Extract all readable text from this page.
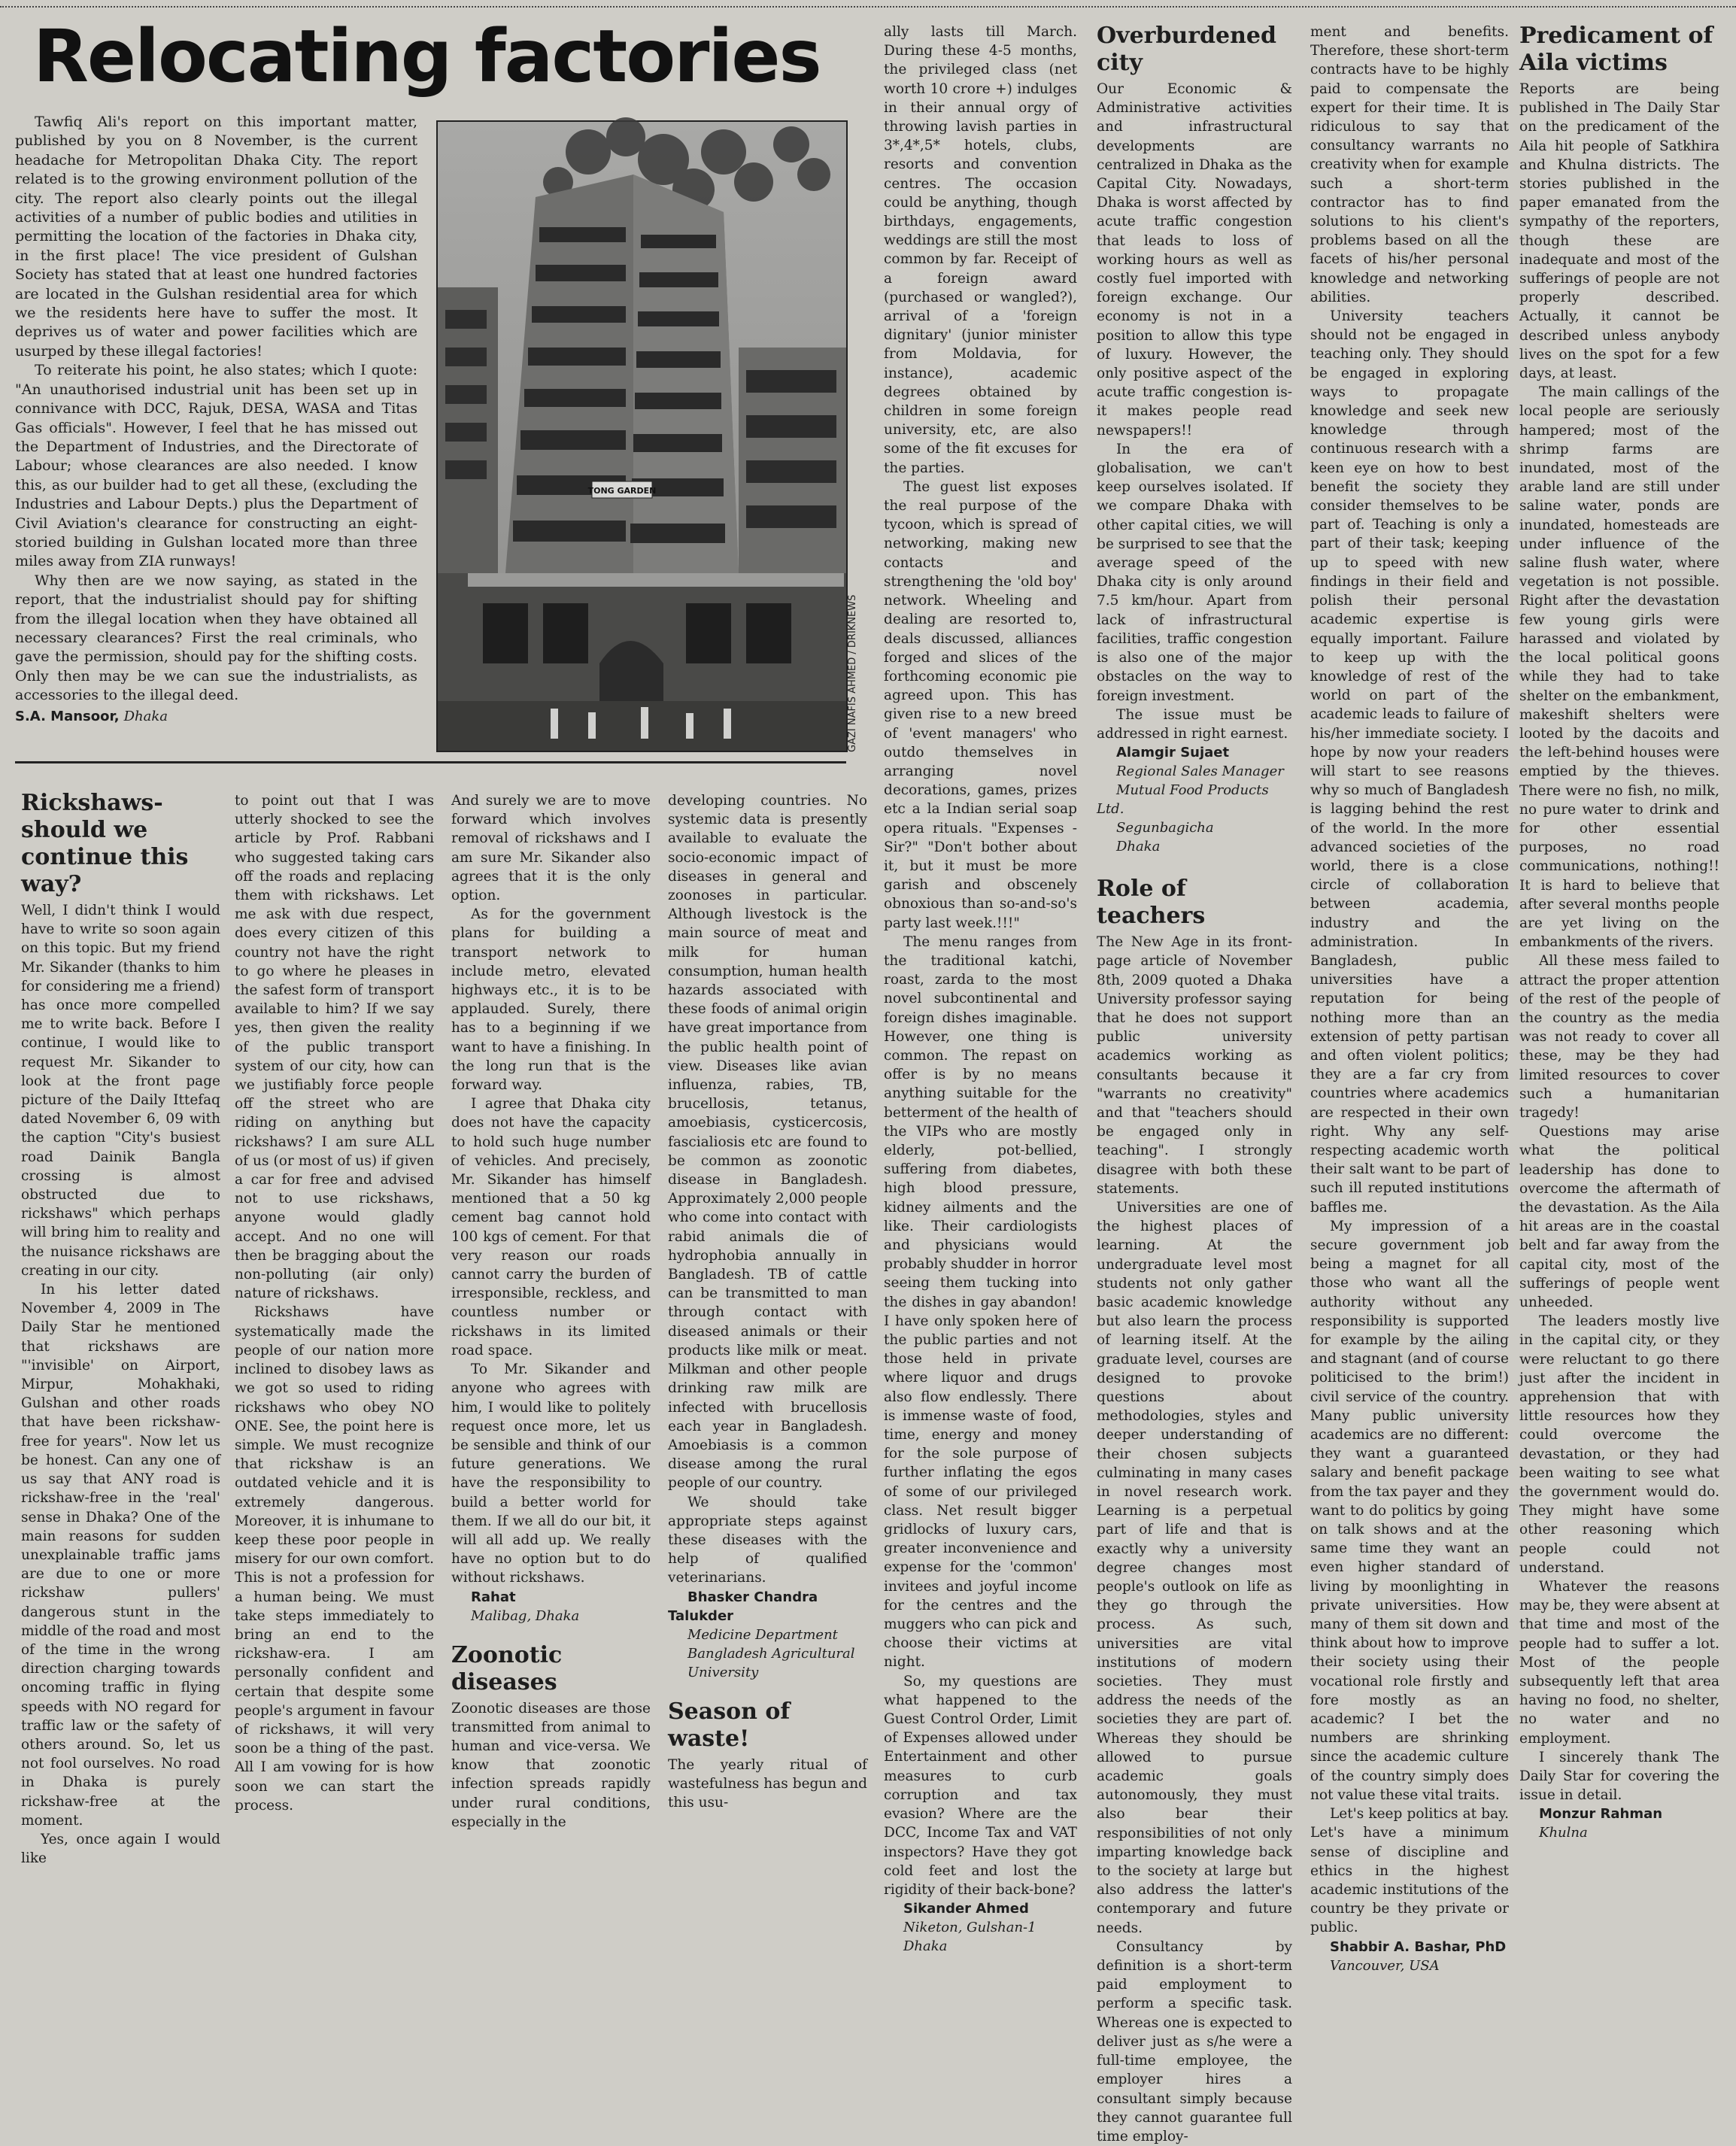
Relocating factories

Tawfiq Ali's report on this important matter, published by you on 8 November, is the current headache for Metropolitan Dhaka City. The report related is to the growing environment pollution of the city. The report also clearly points out the illegal activities of a number of public bodies and utilities in permitting the location of the factories in Dhaka city, in the first place! The vice president of Gulshan Society has stated that at least one hundred factories are located in the Gulshan residential area for which we the residents here have to suffer the most. It deprives us of water and power facilities which are usurped by these illegal factories!

To reiterate his point, he also states; which I quote: "An unauthorised industrial unit has been set up in connivance with DCC, Rajuk, DESA, WASA and Titas Gas officials". However, I feel that he has missed out the Department of Industries, and the Directorate of Labour; whose clearances are also needed. I know this, as our builder had to get all these, (excluding the Industries and Labour Depts.) plus the Department of Civil Aviation's clearance for constructing an eight-storied building in Gulshan located more than three miles away from ZIA runways!

Why then are we now saying, as stated in the report, that the industrialist should pay for shifting from the illegal location when they have obtained all necessary clearances? First the real criminals, who gave the permission, should pay for the shifting costs. Only then may be we can sue the industrialists, as accessories to the illegal deed.

S.A. Mansoor, Dhaka

TONG GARDEN
GAZI NAFIS AHMED / DRIKNEWS
Rickshaws- should we continue this way?

Well, I didn't think I would have to write so soon again on this topic. But my friend Mr. Sikander (thanks to him for considering me a friend) has once more compelled me to write back. Before I continue, I would like to request Mr. Sikander to look at the front page picture of the Daily Ittefaq dated November 6, 09 with the caption "City's busiest road Dainik Bangla crossing is almost obstructed due to rickshaws" which perhaps will bring him to reality and the nuisance rickshaws are creating in our city.

In his letter dated November 4, 2009 in The Daily Star he mentioned that rickshaws are "'invisible' on Airport, Mirpur, Mohakhaki, Gulshan and other roads that have been rickshaw-free for years". Now let us be honest. Can any one of us say that ANY road is rickshaw-free in the 'real' sense in Dhaka? One of the main reasons for sudden unexplainable traffic jams are due to one or more rickshaw pullers' dangerous stunt in the middle of the road and most of the time in the wrong direction charging towards oncoming traffic in flying speeds with NO regard for traffic law or the safety of others around. So, let us not fool ourselves. No road in Dhaka is purely rickshaw-free at the moment.

Yes, once again I would like

to point out that I was utterly shocked to see the article by Prof. Rabbani who suggested taking cars off the roads and replacing them with rickshaws. Let me ask with due respect, does every citizen of this country not have the right to go where he pleases in the safest form of transport available to him? If we say yes, then given the reality of the public transport system of our city, how can we justifiably force people off the street who are riding on anything but rickshaws? I am sure ALL of us (or most of us) if given a car for free and advised not to use rickshaws, anyone would gladly accept. And no one will then be bragging about the non-polluting (air only) nature of rickshaws.

Rickshaws have systematically made the people of our nation more inclined to disobey laws as we got so used to riding rickshaws who obey NO ONE. See, the point here is simple. We must recognize that rickshaw is an outdated vehicle and it is extremely dangerous. Moreover, it is inhumane to keep these poor people in misery for our own comfort. This is not a profession for a human being. We must take steps immediately to bring an end to the rickshaw-era. I am personally confident and certain that despite some people's argument in favour of rickshaws, it will very soon be a thing of the past. All I am vowing for is how soon we can start the process.

And surely we are to move forward which involves removal of rickshaws and I am sure Mr. Sikander also agrees that it is the only option.

As for the government plans for building a transport network to include metro, elevated highways etc., it is to be applauded. Surely, there has to a beginning if we want to have a finishing. In the long run that is the forward way.

I agree that Dhaka city does not have the capacity to hold such huge number of vehicles. And precisely, Mr. Sikander has himself mentioned that a 50 kg cement bag cannot hold 100 kgs of cement. For that very reason our roads cannot carry the burden of irresponsible, reckless, and countless number or rickshaws in its limited road space.

To Mr. Sikander and anyone who agrees with him, I would like to politely request once more, let us be sensible and think of our future generations. We have the responsibility to build a better world for them. If we all do our bit, it will all add up. We really have no option but to do without rickshaws.

Rahat

Malibag, Dhaka

Zoonotic diseases

Zoonotic diseases are those transmitted from animal to human and vice-versa. We know that zoonotic infection spreads rapidly under rural conditions, especially in the

developing countries. No systemic data is presently available to evaluate the socio-economic impact of diseases in general and zoonoses in particular. Although livestock is the main source of meat and milk for human consumption, human health hazards associated with these foods of animal origin have great importance from the public health point of view. Diseases like avian influenza, rabies, TB, brucellosis, tetanus, amoebiasis, cysticercosis, fascialiosis etc are found to be common as zoonotic disease in Bangladesh. Approximately 2,000 people who come into contact with rabid animals die of hydrophobia annually in Bangladesh. TB of cattle can be transmitted to man through contact with diseased animals or their products like milk or meat. Milkman and other people drinking raw milk are infected with brucellosis each year in Bangladesh. Amoebiasis is a common disease among the rural people of our country.

We should take appropriate steps against these diseases with the help of qualified veterinarians.

Bhasker Chandra Talukder

Medicine Department

Bangladesh Agricultural

University

Season of waste!

The yearly ritual of wastefulness has begun and this usu-

ally lasts till March. During these 4-5 months, the privileged class (net worth 10 crore +) indulges in their annual orgy of throwing lavish parties in 3*,4*,5* hotels, clubs, resorts and convention centres. The occasion could be anything, though birthdays, engagements, weddings are still the most common by far. Receipt of a foreign award (purchased or wangled?), arrival of a 'foreign dignitary' (junior minister from Moldavia, for instance), academic degrees obtained by children in some foreign university, etc, are also some of the fit excuses for the parties.

The guest list exposes the real purpose of the tycoon, which is spread of networking, making new contacts and strengthening the 'old boy' network. Wheeling and dealing are resorted to, deals discussed, alliances forged and slices of the forthcoming economic pie agreed upon. This has given rise to a new breed of 'event managers' who outdo themselves in arranging novel decorations, games, prizes etc a la Indian serial soap opera rituals. "Expenses - Sir?" "Don't bother about it, but it must be more garish and obscenely obnoxious than so-and-so's party last week.!!!"

The menu ranges from the traditional katchi, roast, zarda to the most novel subcontinental and foreign dishes imaginable. However, one thing is common. The repast on offer is by no means anything suitable for the betterment of the health of the VIPs who are mostly elderly, pot-bellied, suffering from diabetes, high blood pressure, kidney ailments and the like. Their cardiologists and physicians would probably shudder in horror seeing them tucking into the dishes in gay abandon! I have only spoken here of the public parties and not those held in private where liquor and drugs also flow endlessly. There is immense waste of food, time, energy and money for the sole purpose of further inflating the egos of some of our privileged class. Net result bigger gridlocks of luxury cars, greater inconvenience and expense for the 'common' invitees and joyful income for the centres and the muggers who can pick and choose their victims at night.

So, my questions are what happened to the Guest Control Order, Limit of Expenses allowed under Entertainment and other measures to curb corruption and tax evasion? Where are the DCC, Income Tax and VAT inspectors? Have they got cold feet and lost the rigidity of their back-bone?

Sikander Ahmed

Niketon, Gulshan-1

Dhaka

Overburdened city

Our Economic & Administrative activities and infrastructural developments are centralized in Dhaka as the Capital City. Nowadays, Dhaka is worst affected by acute traffic congestion that leads to loss of working hours as well as costly fuel imported with foreign exchange. Our economy is not in a position to allow this type of luxury. However, the only positive aspect of the acute traffic congestion is- it makes people read newspapers!!

In the era of globalisation, we can't keep ourselves isolated. If we compare Dhaka with other capital cities, we will be surprised to see that the average speed of the Dhaka city is only around 7.5 km/hour. Apart from lack of infrastructural facilities, traffic congestion is also one of the major obstacles on the way to foreign investment.

The issue must be addressed in right earnest.

Alamgir Sujaet

Regional Sales Manager

Mutual Food Products Ltd.

Segunbagicha

Dhaka

Role of teachers

The New Age in its front-page article of November 8th, 2009 quoted a Dhaka University professor saying that he does not support public university academics working as consultants because it "warrants no creativity" and that "teachers should be engaged only in teaching". I strongly disagree with both these statements.

Universities are one of the highest places of learning. At the undergraduate level most students not only gather basic academic knowledge but also learn the process of learning itself. At the graduate level, courses are designed to provoke questions about methodologies, styles and deeper understanding of their chosen subjects culminating in many cases in novel research work. Learning is a perpetual part of life and that is exactly why a university degree changes most people's outlook on life as they go through the process. As such, universities are vital institutions of modern societies. They must address the needs of the societies they are part of. Whereas they should be allowed to pursue academic goals autonomously, they must also bear their responsibilities of not only imparting knowledge back to the society at large but also address the latter's contemporary and future needs.

Consultancy by definition is a short-term paid employment to perform a specific task. Whereas one is expected to deliver just as s/he were a full-time employee, the employer hires a consultant simply because they cannot guarantee full time employ-

ment and benefits. Therefore, these short-term contracts have to be highly paid to compensate the expert for their time. It is ridiculous to say that consultancy warrants no creativity when for example such a short-term contractor has to find solutions to his client's problems based on all the facets of his/her personal knowledge and networking abilities.

University teachers should not be engaged in teaching only. They should be engaged in exploring ways to propagate knowledge and seek new knowledge through continuous research with a keen eye on how to best benefit the society they consider themselves to be part of. Teaching is only a part of their task; keeping up to speed with new findings in their field and polish their personal academic expertise is equally important. Failure to keep up with the knowledge of rest of the world on part of the academic leads to failure of his/her immediate society. I hope by now your readers will start to see reasons why so much of Bangladesh is lagging behind the rest of the world. In the more advanced societies of the world, there is a close circle of collaboration between academia, industry and the administration. In Bangladesh, public universities have a reputation for being nothing more than an extension of petty partisan and often violent politics; they are a far cry from countries where academics are respected in their own right. Why any self-respecting academic worth their salt want to be part of such ill reputed institutions baffles me.

My impression of a secure government job being a magnet for all those who want all the authority without any responsibility is supported for example by the ailing and stagnant (and of course politicised to the brim!) civil service of the country. Many public university academics are no different: they want a guaranteed salary and benefit package from the tax payer and they want to do politics by going on talk shows and at the same time they want an even higher standard of living by moonlighting in private universities. How many of them sit down and think about how to improve their society using their vocational role firstly and fore mostly as an academic? I bet the numbers are shrinking since the academic culture of the country simply does not value these vital traits.

Let's keep politics at bay. Let's have a minimum sense of discipline and ethics in the highest academic institutions of the country be they private or public.

Shabbir A. Bashar, PhD

Vancouver, USA

Predicament of Aila victims

Reports are being published in The Daily Star on the predicament of the Aila hit people of Satkhira and Khulna districts. The stories published in the paper emanated from the sympathy of the reporters, though these are inadequate and most of the sufferings of people are not properly described. Actually, it cannot be described unless anybody lives on the spot for a few days, at least.

The main callings of the local people are seriously hampered; most of the shrimp farms are inundated, most of the arable land are still under saline water, ponds are inundated, homesteads are under influence of the saline flush water, where vegetation is not possible. Right after the devastation few young girls were harassed and violated by the local political goons while they had to take shelter on the embankment, makeshift shelters were looted by the dacoits and the left-behind houses were emptied by the thieves. There were no fish, no milk, no pure water to drink and for other essential purposes, no road communications, nothing!! It is hard to believe that after several months people are yet living on the embankments of the rivers.

All these mess failed to attract the proper attention of the rest of the people of the country as the media was not ready to cover all these, may be they had limited resources to cover such a humanitarian tragedy!

Questions may arise what the political leadership has done to overcome the aftermath of the devastation. As the Aila hit areas are in the coastal belt and far away from the capital city, most of the sufferings of people went unheeded.

The leaders mostly live in the capital city, or they were reluctant to go there just after the incident in apprehension that with little resources how they could overcome the devastation, or they had been waiting to see what the government would do. They might have some other reasoning which people could not understand.

Whatever the reasons may be, they were absent at that time and most of the people had to suffer a lot. Most of the people subsequently left that area having no food, no shelter, no water and no employment.

I sincerely thank The Daily Star for covering the issue in detail.

Monzur Rahman

Khulna
